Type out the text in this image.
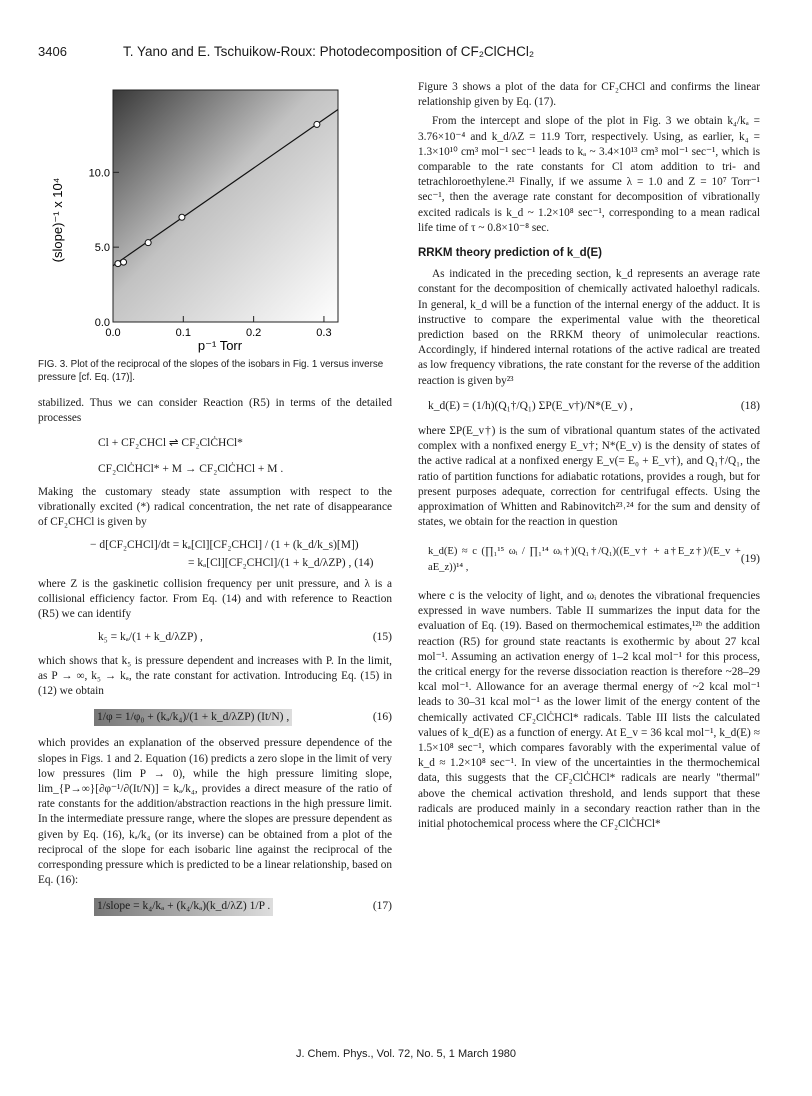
3406	T. Yano and E. Tschuikow-Roux: Photodecomposition of CF₂ClCHCl₂
0.0	0.1	0.2	0.3
0.0
5.0
10.0
(slope)⁻¹ x 10⁴
p⁻¹ Torr
FIG. 3. Plot of the reciprocal of the slopes of the isobars in Fig. 1 versus inverse pressure [cf. Eq. (17)].

stabilized. Thus we can consider Reaction (R5) in terms of the detailed processes

Cl + CF₂CHCl ⇌ CF₂ClĊHCl*
CF₂ClĊHCl* + M → CF₂ClĊHCl + M .

Making the customary steady state assumption with respect to the vibrationally excited (*) radical concentration, the net rate of disappearance of CF₂CHCl is given by

− d[CF₂CHCl]/dt = kₐ[Cl][CF₂CHCl] / (1 + (k_d/k_s)[M])
= kₐ[Cl][CF₂CHCl]/(1 + k_d/λZP) , (14)

where Z is the gaskinetic collision frequency per unit pressure, and λ is a collisional efficiency factor. From Eq. (14) and with reference to Reaction (R5) we can identify

k₅ = kₐ/(1 + k_d/λZP) ,	(15)

which shows that k₅ is pressure dependent and increases with P. In the limit, as P → ∞, k₅ → kₐ, the rate constant for activation. Introducing Eq. (15) in (12) we obtain

1/φ = 1/φ₀ + (kₐ/k₄)/(1 + k_d/λZP) (It/N) ,	(16)

which provides an explanation of the observed pressure dependence of the slopes in Figs. 1 and 2. Equation (16) predicts a zero slope in the limit of very low pressures (lim P → 0), while the high pressure limiting slope, lim_{P→∞}[∂φ⁻¹/∂(It/N)] = kₐ/k₄, provides a direct measure of the ratio of rate constants for the addition/abstraction reactions in the high pressure limit. In the intermediate pressure range, where the slopes are pressure dependent as given by Eq. (16), kₐ/k₄ (or its inverse) can be obtained from a plot of the reciprocal of the slope for each isobaric line against the reciprocal of the corresponding pressure which is predicted to be a linear relationship, based on Eq. (16):

1/slope = k₄/kₐ + (k₄/kₐ)(k_d/λZ) 1/P .	(17)

Figure 3 shows a plot of the data for CF₂CHCl and confirms the linear relationship given by Eq. (17).

From the intercept and slope of the plot in Fig. 3 we obtain k₄/kₐ = 3.76×10⁻⁴ and k_d/λZ = 11.9 Torr, respectively. Using, as earlier, k₄ = 1.3×10¹⁰ cm³ mol⁻¹ sec⁻¹ leads to kₐ ~ 3.4×10¹³ cm³ mol⁻¹ sec⁻¹, which is comparable to the rate constants for Cl atom addition to tri- and tetrachloroethylene.²¹ Finally, if we assume λ = 1.0 and Z = 10⁷ Torr⁻¹ sec⁻¹, then the average rate constant for decomposition of vibrationally excited radicals is k_d ~ 1.2×10⁸ sec⁻¹, corresponding to a mean radical life time of τ ~ 0.8×10⁻⁸ sec.

RRKM theory prediction of k_d(E)

As indicated in the preceding section, k_d represents an average rate constant for the decomposition of chemically activated haloethyl radicals. In general, k_d will be a function of the internal energy of the adduct. It is instructive to compare the experimental value with the theoretical prediction based on the RRKM theory of unimolecular reactions. Accordingly, if hindered internal rotations of the active radical are treated as low frequency vibrations, the rate constant for the reverse of the addition reaction is given by²³

k_d(E) = (1/h)(Q₁†/Q₁) ΣP(E_v†)/N*(E_v) ,	(18)

where ΣP(E_v†) is the sum of vibrational quantum states of the activated complex with a nonfixed energy E_v†; N*(E_v) is the density of states of the active radical at a nonfixed energy E_v(= E₀ + E_v†), and Q₁†/Q₁, the ratio of partition functions for adiabatic rotations, provides a rough, but for present purposes adequate, correction for centrifugal effects. Using the approximation of Whitten and Rabinovitch²³˒²⁴ for the sum and density of states, we obtain for the reaction in question

k_d(E) ≈ c (∏₁¹⁵ ωᵢ / ∏₁¹⁴ ωᵢ†)(Q₁†/Q₁)((E_v† + a†E_z†)/(E_v + aE_z))¹⁴ ,
(19)

where c is the velocity of light, and ωᵢ denotes the vibrational frequencies expressed in wave numbers. Table II summarizes the input data for the evaluation of Eq. (19). Based on thermochemical estimates,¹²ᵇ the addition reaction (R5) for ground state reactants is exothermic by about 27 kcal mol⁻¹. Assuming an activation energy of 1–2 kcal mol⁻¹ for this process, the critical energy for the reverse dissociation reaction is therefore ~28–29 kcal mol⁻¹. Allowance for an average thermal energy of ~2 kcal mol⁻¹ leads to 30–31 kcal mol⁻¹ as the lower limit of the energy content of the chemically activated CF₂ClĊHCl* radicals. Table III lists the calculated values of k_d(E) as a function of energy. At E_v = 36 kcal mol⁻¹, k_d(E) ≈ 1.5×10⁸ sec⁻¹, which compares favorably with the experimental value of k_d ≈ 1.2×10⁸ sec⁻¹. In view of the uncertainties in the thermochemical data, this suggests that the CF₂ClĊHCl* radicals are nearly "thermal" above the chemical activation threshold, and lends support that these radicals are produced mainly in a secondary reaction rather than in the initial photochemical process where the CF₂ClĊHCl*

J. Chem. Phys., Vol. 72, No. 5, 1 March 1980
